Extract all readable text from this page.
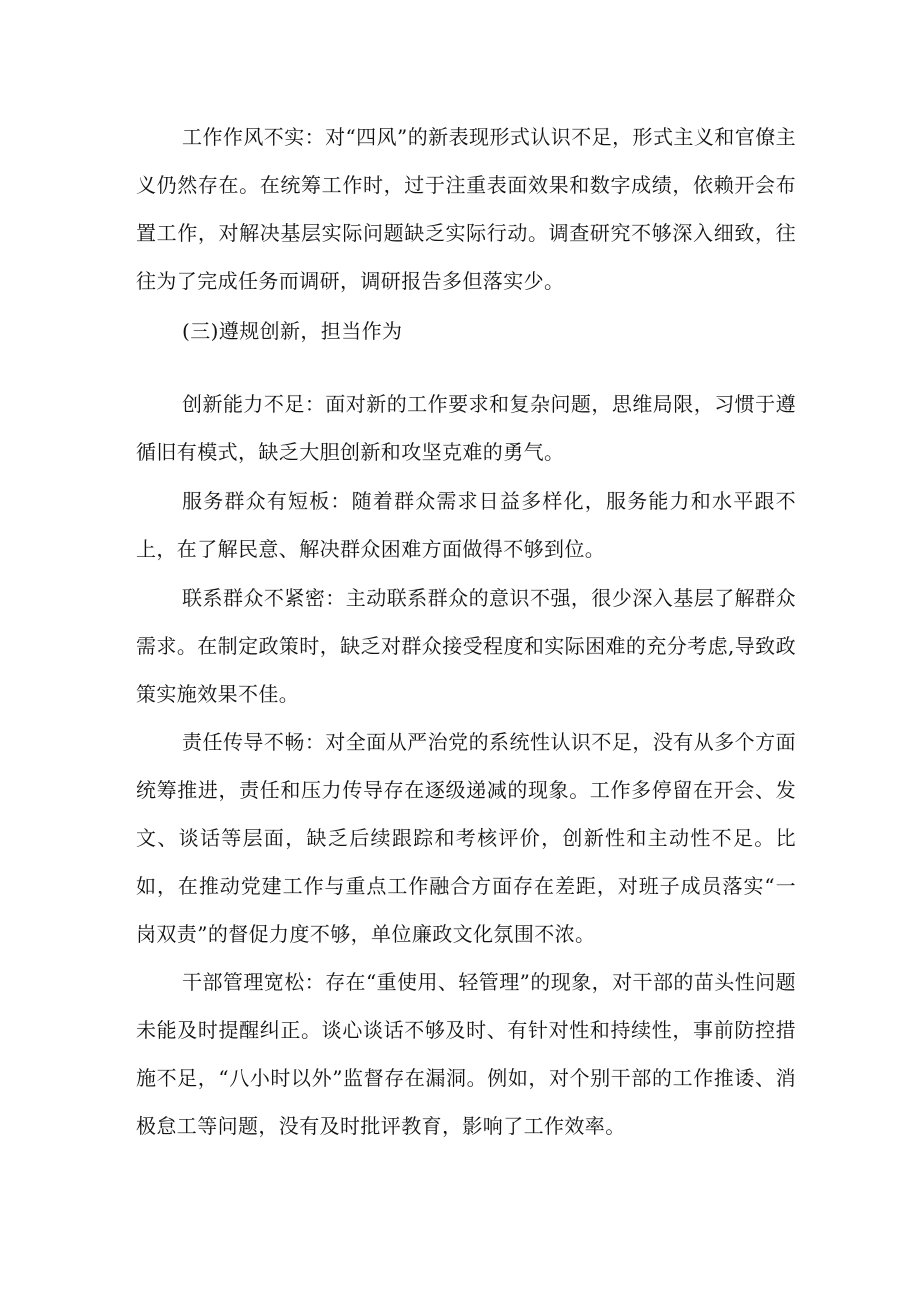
工作作风不实：对“四风”的新表现形式认识不足，形式主义和官僚主义仍然存在。在统筹工作时，过于注重表面效果和数字成绩，依赖开会布置工作，对解决基层实际问题缺乏实际行动。调查研究不够深入细致，往往为了完成任务而调研，调研报告多但落实少。

(三)遵规创新，担当作为

创新能力不足：面对新的工作要求和复杂问题，思维局限，习惯于遵循旧有模式，缺乏大胆创新和攻坚克难的勇气。

服务群众有短板：随着群众需求日益多样化，服务能力和水平跟不上，在了解民意、解决群众困难方面做得不够到位。

联系群众不紧密：主动联系群众的意识不强，很少深入基层了解群众需求。在制定政策时，缺乏对群众接受程度和实际困难的充分考虑,导致政策实施效果不佳。

责任传导不畅：对全面从严治党的系统性认识不足，没有从多个方面统筹推进，责任和压力传导存在逐级递减的现象。工作多停留在开会、发文、谈话等层面，缺乏后续跟踪和考核评价，创新性和主动性不足。比如，在推动党建工作与重点工作融合方面存在差距，对班子成员落实“一岗双责”的督促力度不够，单位廉政文化氛围不浓。

干部管理宽松：存在“重使用、轻管理”的现象，对干部的苗头性问题未能及时提醒纠正。谈心谈话不够及时、有针对性和持续性，事前防控措施不足，“八小时以外”监督存在漏洞。例如，对个别干部的工作推诿、消极怠工等问题，没有及时批评教育，影响了工作效率。
